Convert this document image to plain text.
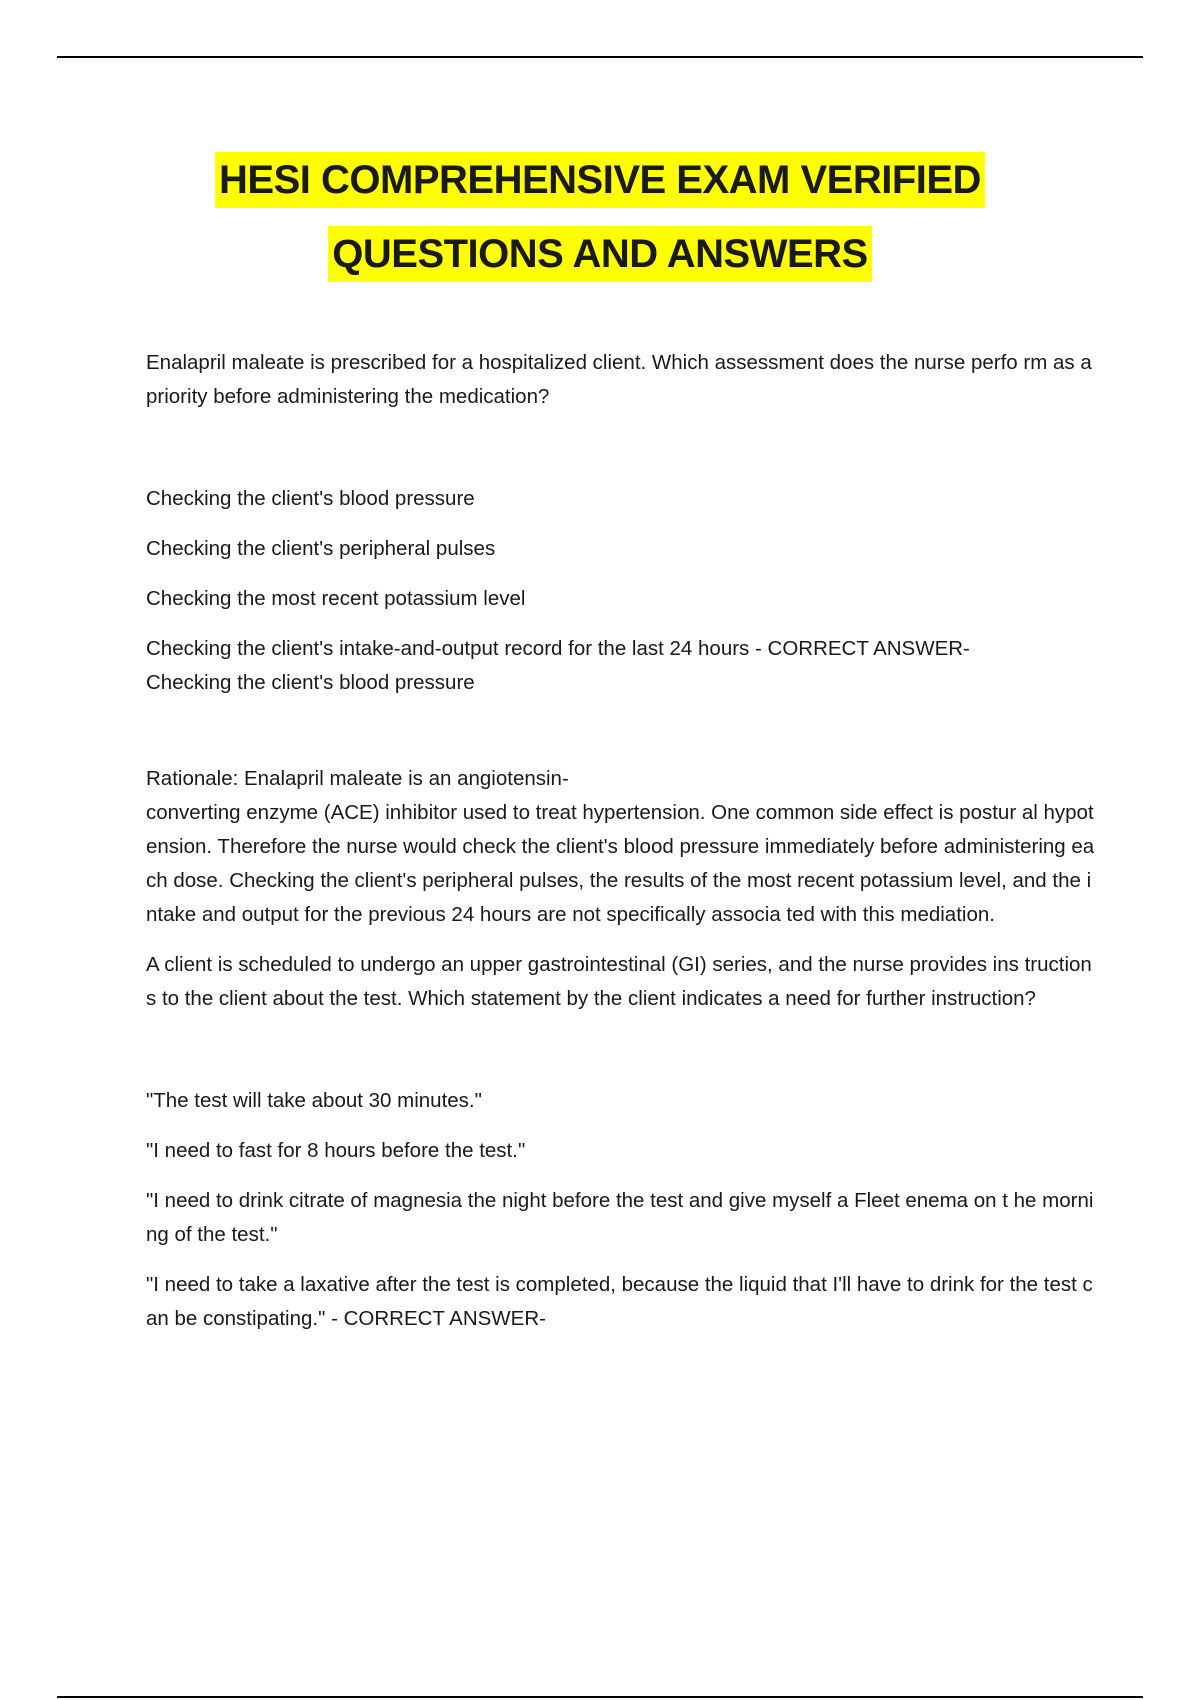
HESI COMPREHENSIVE EXAM VERIFIED
QUESTIONS AND ANSWERS
Enalapril maleate is prescribed for a hospitalized client. Which assessment does the nurse perfo rm as a priority before administering the medication?
Checking the client's blood pressure
Checking the client's peripheral pulses
Checking the most recent potassium level
Checking the client's intake-and-output record for the last 24 hours - CORRECT ANSWER-
Checking the client's blood pressure
Rationale: Enalapril maleate is an angiotensin-
converting enzyme (ACE) inhibitor used to treat hypertension. One common side effect is postur al hypotension. Therefore the nurse would check the client's blood pressure immediately before administering each dose. Checking the client's peripheral pulses, the results of the most recent potassium level, and the intake and output for the previous 24 hours are not specifically associa ted with this mediation.
A client is scheduled to undergo an upper gastrointestinal (GI) series, and the nurse provides ins tructions to the client about the test. Which statement by the client indicates a need for further instruction?
"The test will take about 30 minutes."
"I need to fast for 8 hours before the test."
"I need to drink citrate of magnesia the night before the test and give myself a Fleet enema on t he morning of the test."
"I need to take a laxative after the test is completed, because the liquid that I'll have to drink for the test can be constipating." - CORRECT ANSWER-
